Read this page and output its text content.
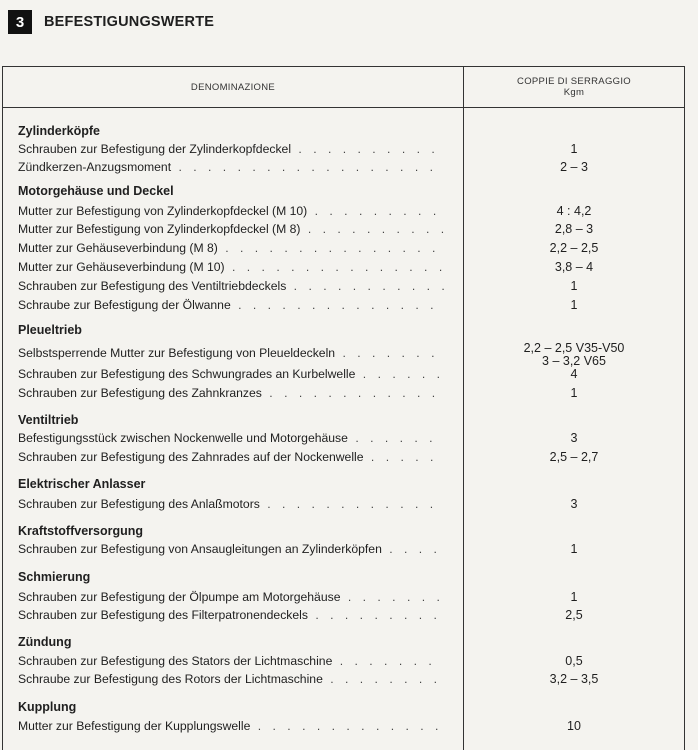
3	BEFESTIGUNGSWERTE
DENOMINAZIONE	COPPIE DI SERRAGGIO
Kgm
Zylinderköpfe
Schrauben zur Befestigung der Zylinderkopfdeckel . . .	1
Zündkerzen-Anzugsmoment . . .	2 – 3
Motorgehäuse und Deckel
Mutter zur Befestigung von Zylinderkopfdeckel (M 10) . . .	4 : 4,2
Mutter zur Befestigung von Zylinderkopfdeckel (M 8) . . .	2,8 – 3
Mutter zur Gehäuseverbindung (M 8) . . .	2,2 – 2,5
Mutter zur Gehäuseverbindung (M 10) . . .	3,8 – 4
Schrauben zur Befestigung des Ventiltriebdeckels . . .	1
Schraube zur Befestigung der Ölwanne . . .	1
Pleueltrieb
Selbstsperrende Mutter zur Befestigung von Pleueldeckeln . . .	2,2 – 2,5 V35-V50
3 – 3,2 V65
Schrauben zur Befestigung des Schwungrades an Kurbelwelle . . .	4
Schrauben zur Befestigung des Zahnkranzes . . .	1
Ventiltrieb
Befestigungsstück zwischen Nockenwelle und Motorgehäuse . . .	3
Schrauben zur Befestigung des Zahnrades auf der Nockenwelle . . .	2,5 – 2,7
Elektrischer Anlasser
Schrauben zur Befestigung des Anlaßmotors . . .	3
Kraftstoffversorgung
Schrauben zur Befestigung von Ansaugleitungen an Zylinderköpfen . . .	1
Schmierung
Schrauben zur Befestigung der Ölpumpe am Motorgehäuse . . .	1
Schrauben zur Befestigung des Filterpatronendeckels . . .	2,5
Zündung
Schrauben zur Befestigung des Stators der Lichtmaschine . . .	0,5
Schraube zur Befestigung des Rotors der Lichtmaschine . . .	3,2 – 3,5
Kupplung
Mutter zur Befestigung der Kupplungswelle . . .	10
